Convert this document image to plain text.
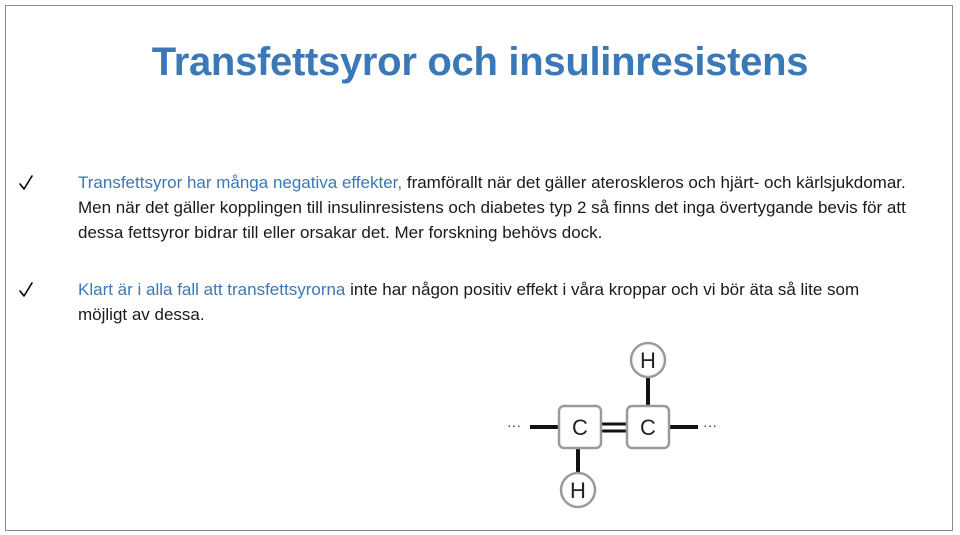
Transfettsyror och insulinresistens
Transfettsyror har många negativa effekter, framförallt när det gäller ateroskleros och hjärt- och kärlsjukdomar. Men när det gäller kopplingen till insulinresistens och diabetes typ 2 så finns det inga övertygande bevis för att dessa fettsyror bidrar till eller orsakar det. Mer forskning behövs dock.
Klart är i alla fall att transfettsyrorna inte har någon positiv effekt i våra kroppar och vi bör äta så lite som möjligt av dessa.
C C
H
H
···	···
